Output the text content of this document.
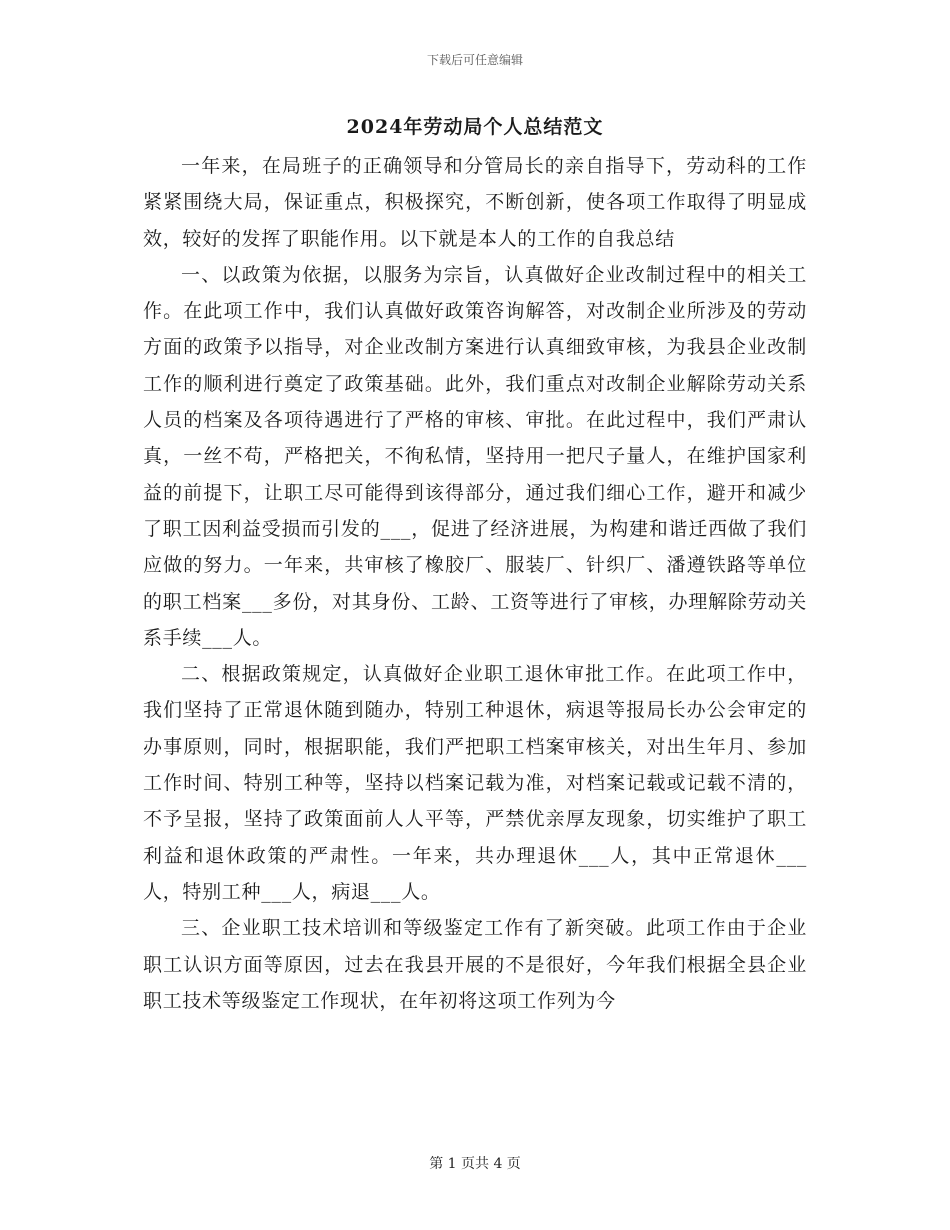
下载后可任意编辑
2024年劳动局个人总结范文

一年来，在局班子的正确领导和分管局长的亲自指导下，劳动科的工作紧紧围绕大局，保证重点，积极探究，不断创新，使各项工作取得了明显成效，较好的发挥了职能作用。以下就是本人的工作的自我总结

一、以政策为依据，以服务为宗旨，认真做好企业改制过程中的相关工作。在此项工作中，我们认真做好政策咨询解答，对改制企业所涉及的劳动方面的政策予以指导，对企业改制方案进行认真细致审核，为我县企业改制工作的顺利进行奠定了政策基础。此外，我们重点对改制企业解除劳动关系人员的档案及各项待遇进行了严格的审核、审批。在此过程中，我们严肃认真，一丝不苟，严格把关，不徇私情，坚持用一把尺子量人，在维护国家利益的前提下，让职工尽可能得到该得部分，通过我们细心工作，避开和减少了职工因利益受损而引发的___，促进了经济进展，为构建和谐迁西做了我们应做的努力。一年来，共审核了橡胶厂、服装厂、针织厂、潘遵铁路等单位的职工档案___多份，对其身份、工龄、工资等进行了审核，办理解除劳动关系手续___人。

二、根据政策规定，认真做好企业职工退休审批工作。在此项工作中，我们坚持了正常退休随到随办，特别工种退休，病退等报局长办公会审定的办事原则，同时，根据职能，我们严把职工档案审核关，对出生年月、参加工作时间、特别工种等，坚持以档案记载为准，对档案记载或记载不清的，不予呈报，坚持了政策面前人人平等，严禁优亲厚友现象，切实维护了职工利益和退休政策的严肃性。一年来，共办理退休___人，其中正常退休___人，特别工种___人，病退___人。

三、企业职工技术培训和等级鉴定工作有了新突破。此项工作由于企业职工认识方面等原因，过去在我县开展的不是很好，今年我们根据全县企业职工技术等级鉴定工作现状，在年初将这项工作列为今

第 1 页共 4 页
